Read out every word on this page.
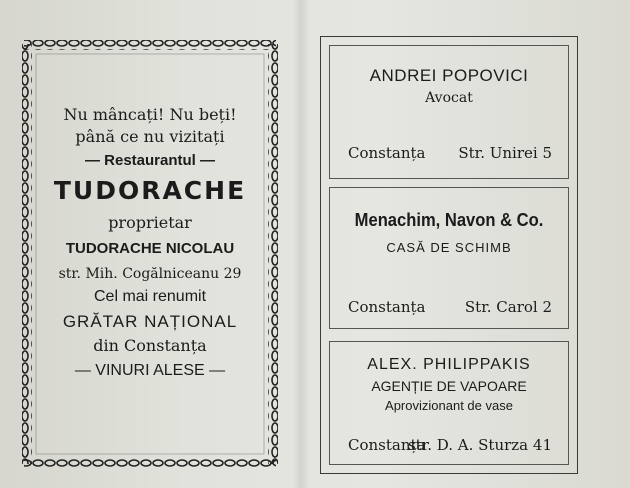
Nu mâncați! Nu beți!
până ce nu vizitați
— Restaurantul —
TUDORACHE
proprietar
TUDORACHE NICOLAU
str. Mih. Cogălniceanu 29
Cel mai renumit
GRĂTAR NAȚIONAL
din Constanța
— VINURI ALESE —
ANDREI POPOVICI
Avocat
Constanța Str. Unirei 5
Menachim, Navon & Co.
CASĂ DE SCHIMB
Constanța	Str. Carol 2
ALEX. PHILIPPAKIS
AGENȚIE DE VAPOARE
Aprovizionant de vase
Constanța
str. D. A. Sturza 41
